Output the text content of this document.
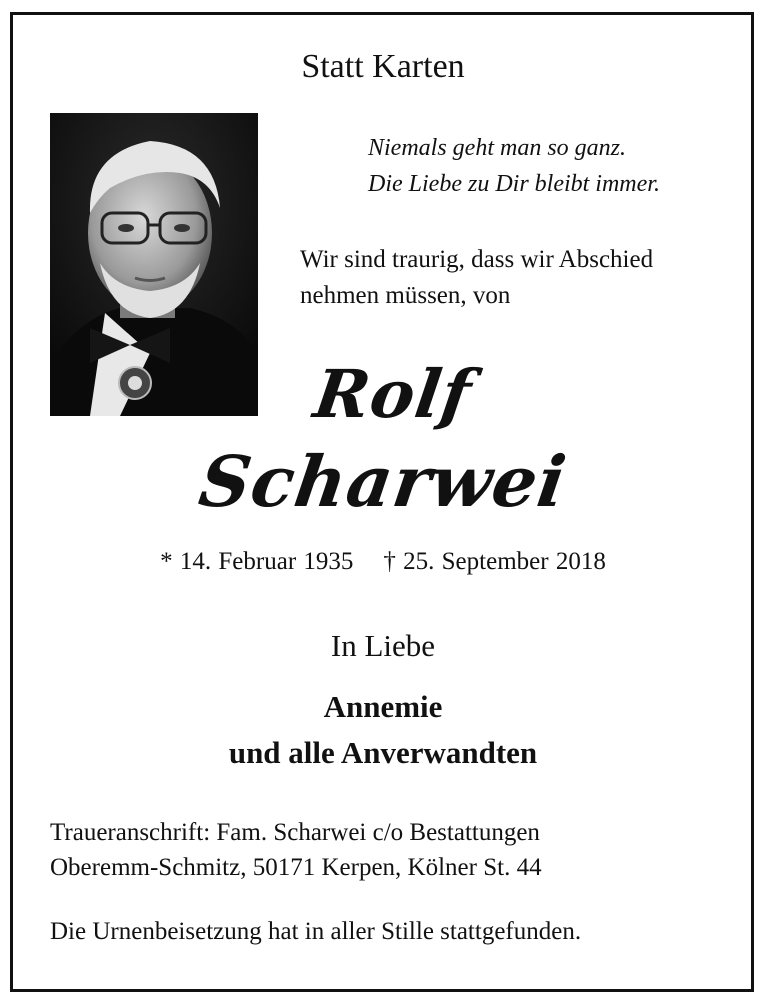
Statt Karten
Niemals geht man so ganz.
Die Liebe zu Dir bleibt immer.
Wir sind traurig, dass wir Abschied
nehmen müssen, von
Rolf
Scharwei
* 14. Februar 1935 † 25. September 2018
In Liebe
Annemie
und alle Anverwandten
Traueranschrift: Fam. Scharwei c/o Bestattungen
Oberemm-Schmitz, 50171 Kerpen, Kölner St. 44
Die Urnenbeisetzung hat in aller Stille stattgefunden.
